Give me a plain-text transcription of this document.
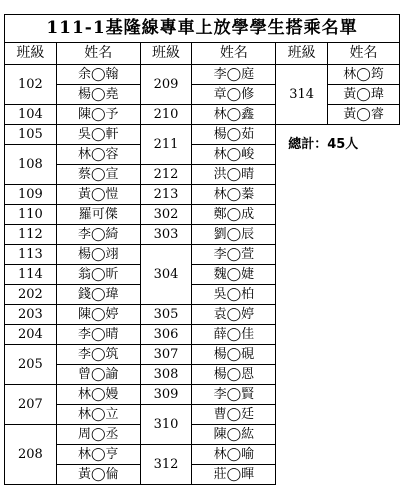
111-1基隆線專車上放學學生搭乘名單					
班級	姓名	班級	姓名	班級	姓名
102	余◯翰	209	李◯庭	314	林◯筠
	楊◯堯		章◯修		黃◯瑋
104	陳◯予	210	林◯鑫		黃◯睿
105	吳◯軒	211	楊◯茹	總計：45人	
108	林◯容		林◯峻		
	蔡◯宣	212	洪◯晴		
109	黃◯愷	213	林◯蓁		
110	羅可傑	302	鄭◯成		
112	李◯綺	303	劉◯辰		
113	楊◯翊	304	李◯萱		
114	翁◯昕		魏◯婕		
202	錢◯瑋		吳◯柏		
203	陳◯婷	305	袁◯婷		
204	李◯晴	306	薛◯佳		
205	李◯筑	307	楊◯硯		
	曾◯諭	308	楊◯恩		
207	林◯嫚	309	李◯賢		
	林◯立	310	曹◯廷		
208	周◯丞		陳◯紘		
	林◯亨	312	林◯喻		
	黃◯倫		莊◯暉		
